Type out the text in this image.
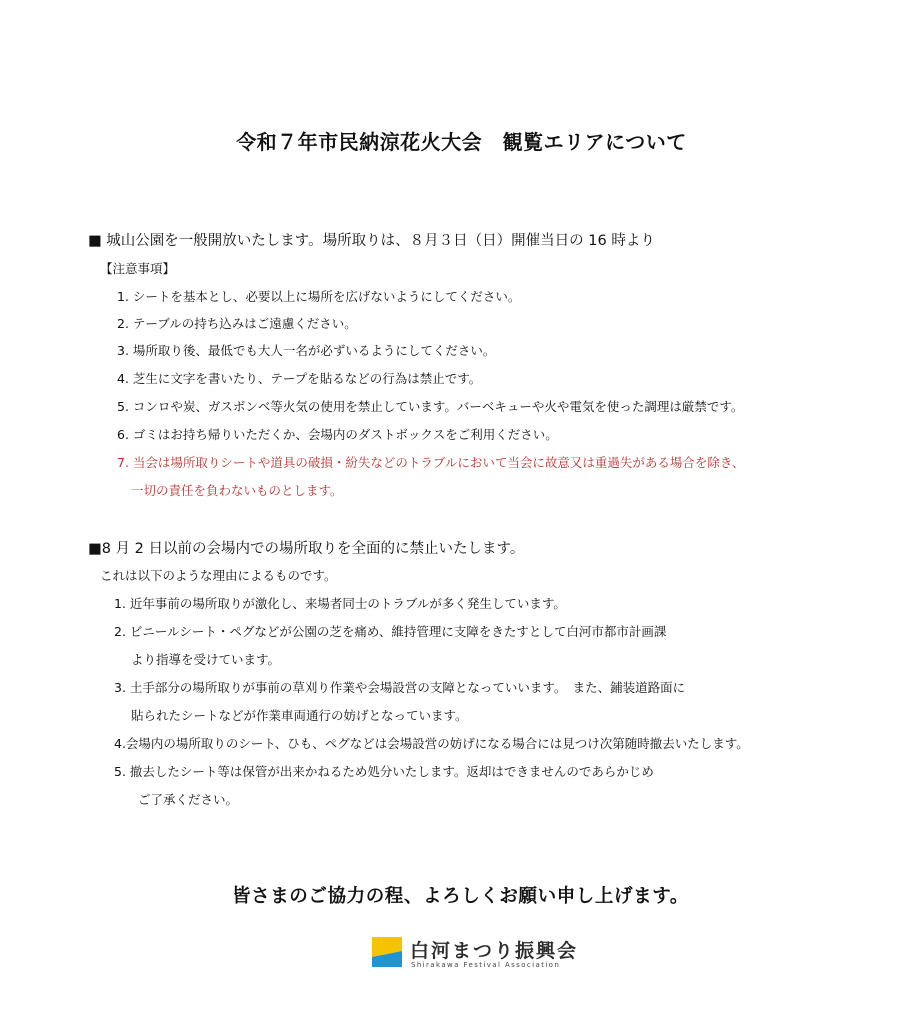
令和７年市民納涼花火大会　観覧エリアについて
■ 城山公園を一般開放いたします。場所取りは、８月３日（日）開催当日の 16 時より
【注意事項】
1. シートを基本とし、必要以上に場所を広げないようにしてください。
2. テーブルの持ち込みはご遠慮ください。
3. 場所取り後、最低でも大人一名が必ずいるようにしてください。
4. 芝生に文字を書いたり、テープを貼るなどの行為は禁止です。
5. コンロや炭、ガスボンベ等火気の使用を禁止しています。バーベキューや火や電気を使った調理は厳禁です。
6. ゴミはお持ち帰りいただくか、会場内のダストボックスをご利用ください。
7. 当会は場所取りシートや道具の破損・紛失などのトラブルにおいて当会に故意又は重過失がある場合を除き、
一切の責任を負わないものとします。
■8 月 2 日以前の会場内での場所取りを全面的に禁止いたします。
これは以下のような理由によるものです。
1. 近年事前の場所取りが激化し、来場者同士のトラブルが多く発生しています。
2. ビニールシート・ペグなどが公園の芝を痛め、維持管理に支障をきたすとして白河市都市計画課
より指導を受けています。
3. 土手部分の場所取りが事前の草刈り作業や会場設営の支障となっていいます。　また、鋪装道路面に
貼られたシートなどが作業車両通行の妨げとなっています。
4.会場内の場所取りのシート、ひも、ペグなどは会場設営の妨げになる場合には見つけ次第随時撤去いたします。
5. 撤去したシート等は保管が出来かねるため処分いたします。返却はできませんのであらかじめ
ご了承ください。
皆さまのご協力の程、よろしくお願い申し上げます。
白河まつり振興会
Shirakawa Festival Association
